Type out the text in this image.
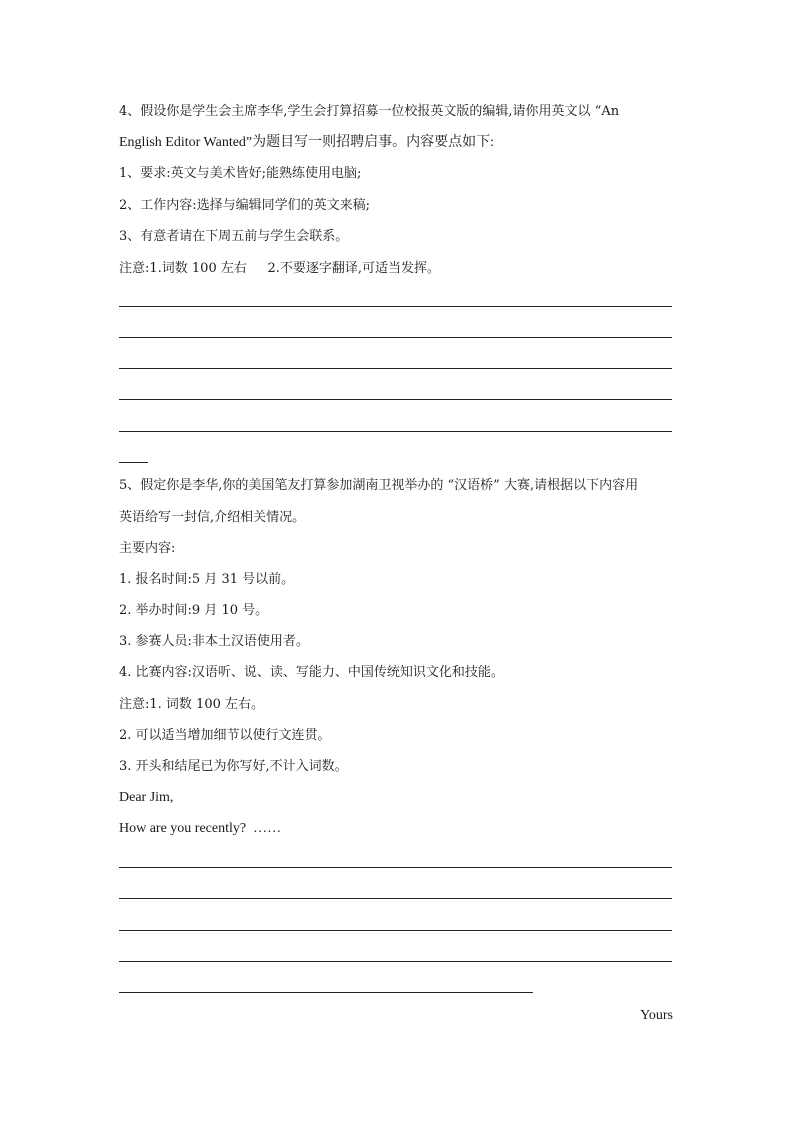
4、假设你是学生会主席李华,学生会打算招募一位校报英文版的编辑,请你用英文以 “An

English Editor Wanted”为题目写一则招聘启事。内容要点如下:

1、要求:英文与美术皆好;能熟练使用电脑;

2、工作内容:选择与编辑同学们的英文来稿;

3、有意者请在下周五前与学生会联系。

注意:1.词数 100 左右     2.不要逐字翻译,可适当发挥。

5、假定你是李华,你的美国笔友打算参加湖南卫视举办的 “汉语桥” 大赛,请根据以下内容用

英语给写一封信,介绍相关情况。

主要内容:

1. 报名时间:5 月 31 号以前。

2. 举办时间:9 月 10 号。

3. 参赛人员:非本土汉语使用者。

4. 比赛内容:汉语听、说、读、写能力、中国传统知识文化和技能。

注意:1. 词数 100 左右。

2. 可以适当增加细节以使行文连贯。

3. 开头和结尾已为你写好,不计入词数。

Dear Jim,

How are you recently?  ……

Yours
